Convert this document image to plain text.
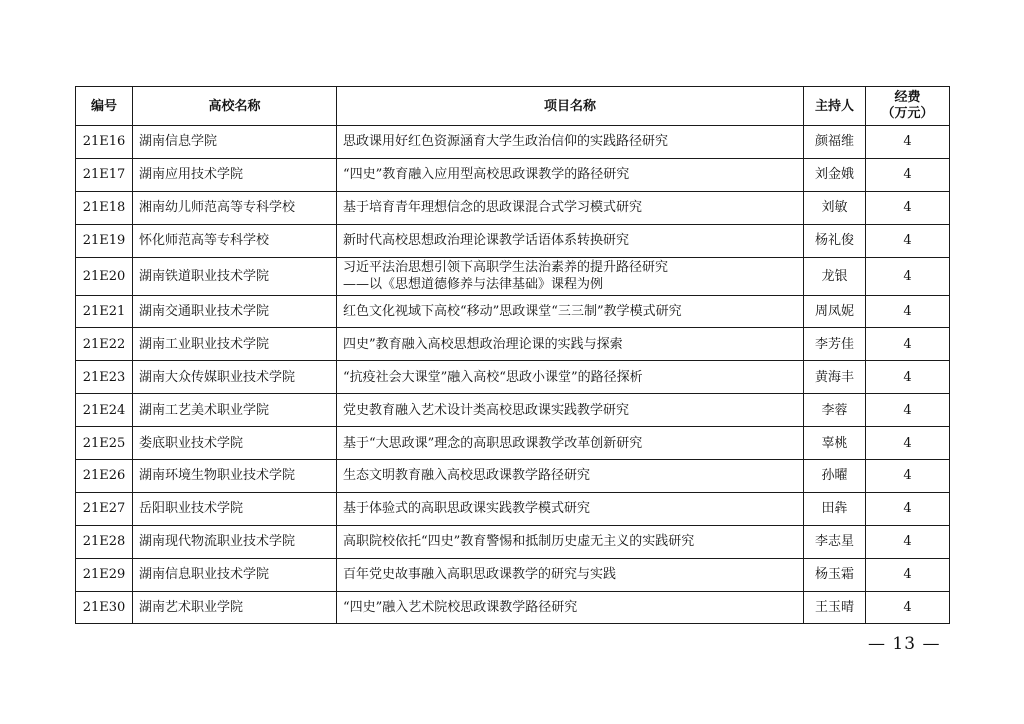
编号	高校名称	项目名称	主持人	经费
（万元）

21E16	湖南信息学院	思政课用好红色资源涵育大学生政治信仰的实践路径研究	颜福维	4
21E17	湖南应用技术学院	“四史”教育融入应用型高校思政课教学的路径研究	刘金娥	4
21E18	湘南幼儿师范高等专科学校	基于培育青年理想信念的思政课混合式学习模式研究	刘敏	4
21E19	怀化师范高等专科学校	新时代高校思想政治理论课教学话语体系转换研究	杨礼俊	4
21E20	湖南铁道职业技术学院	习近平法治思想引领下高职学生法治素养的提升路径研究
——以《思想道德修养与法律基础》课程为例	龙银	4
21E21	湖南交通职业技术学院	红色文化视域下高校“移动”思政课堂“三三制”教学模式研究	周凤妮	4
21E22	湖南工业职业技术学院	四史”教育融入高校思想政治理论课的实践与探索	李芳佳	4
21E23	湖南大众传媒职业技术学院	“抗疫社会大课堂”融入高校“思政小课堂”的路径探析	黄海丰	4
21E24	湖南工艺美术职业学院	党史教育融入艺术设计类高校思政课实践教学研究	李蓉	4
21E25	娄底职业技术学院	基于“大思政课”理念的高职思政课教学改革创新研究	辜桃	4
21E26	湖南环境生物职业技术学院	生态文明教育融入高校思政课教学路径研究	孙曜	4
21E27	岳阳职业技术学院	基于体验式的高职思政课实践教学模式研究	田犇	4
21E28	湖南现代物流职业技术学院	高职院校依托“四史”教育警惕和抵制历史虚无主义的实践研究	李志星	4
21E29	湖南信息职业技术学院	百年党史故事融入高职思政课教学的研究与实践	杨玉霜	4
21E30	湖南艺术职业学院	“四史”融入艺术院校思政课教学路径研究	王玉晴	4
— 13 —
